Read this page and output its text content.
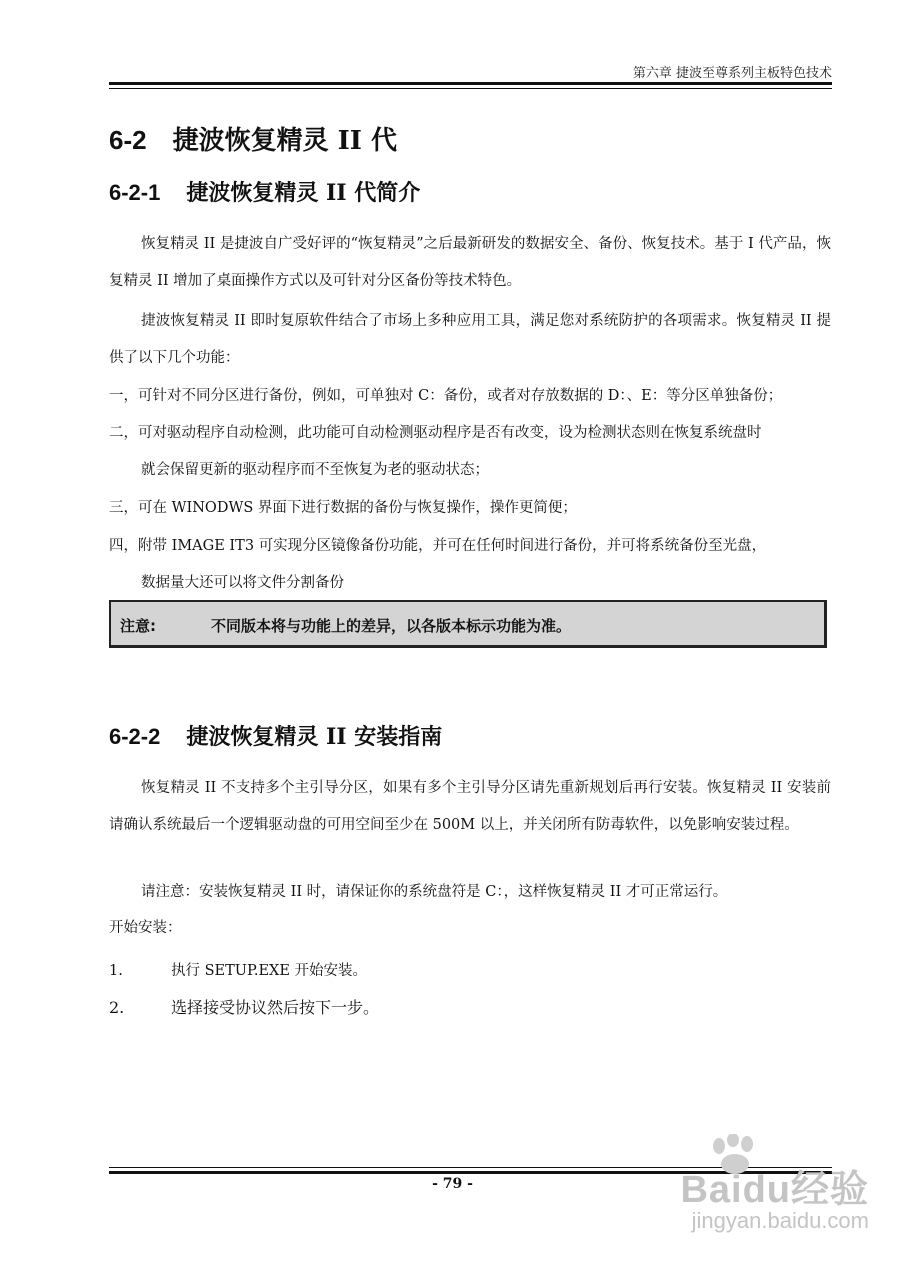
第六章 捷波至尊系列主板特色技术
6-2 捷波恢复精灵 II 代
6-2-1 捷波恢复精灵 II 代简介
恢复精灵 II 是捷波自广受好评的“恢复精灵”之后最新研发的数据安全、备份、恢复技术。基于 I 代产品，恢复精灵 II 增加了桌面操作方式以及可针对分区备份等技术特色。
捷波恢复精灵 II 即时复原软件结合了市场上多种应用工具，满足您对系统防护的各项需求。恢复精灵 II 提供了以下几个功能：
一，可针对不同分区进行备份，例如，可单独对 C：备份，或者对存放数据的 D：、E：等分区单独备份；
二，可对驱动程序自动检测，此功能可自动检测驱动程序是否有改变，设为检测状态则在恢复系统盘时
就会保留更新的驱动程序而不至恢复为老的驱动状态；
三，可在 WINODWS 界面下进行数据的备份与恢复操作，操作更简便；
四，附带 IMAGE IT3 可实现分区镜像备份功能，并可在任何时间进行备份，并可将系统备份至光盘，
数据量大还可以将文件分割备份
注意:	不同版本将与功能上的差异，以各版本标示功能为准。
6-2-2 捷波恢复精灵 II 安装指南
恢复精灵 II 不支持多个主引导分区，如果有多个主引导分区请先重新规划后再行安装。恢复精灵 II 安装前请确认系统最后一个逻辑驱动盘的可用空间至少在 500M 以上，并关闭所有防毒软件，以免影响安装过程。
请注意：安装恢复精灵 II 时，请保证你的系统盘符是 C：，这样恢复精灵 II 才可正常运行。
开始安装：
1.	执行 SETUP.EXE 开始安装。
2.	选择接受协议然后按下一步。
- 79 -	Baidu经验
jingyan.baidu.com
